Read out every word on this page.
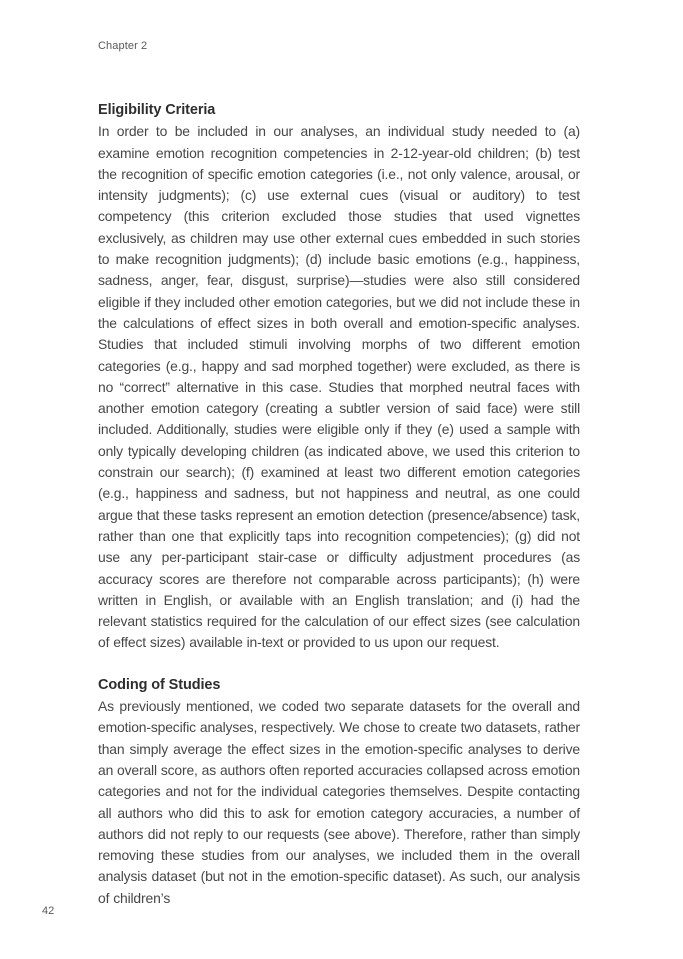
Chapter 2
Eligibility Criteria

In order to be included in our analyses, an individual study needed to (a) examine emotion recognition competencies in 2-12-year-old children; (b) test the recognition of specific emotion categories (i.e., not only valence, arousal, or intensity judgments); (c) use external cues (visual or auditory) to test competency (this criterion excluded those studies that used vignettes exclusively, as children may use other external cues embedded in such stories to make recognition judgments); (d) include basic emotions (e.g., happiness, sadness, anger, fear, disgust, surprise)—studies were also still considered eligible if they included other emotion categories, but we did not include these in the calculations of effect sizes in both overall and emotion-specific analyses. Studies that included stimuli involving morphs of two different emotion categories (e.g., happy and sad morphed together) were excluded, as there is no “correct” alternative in this case. Studies that morphed neutral faces with another emotion category (creating a subtler version of said face) were still included. Additionally, studies were eligible only if they (e) used a sample with only typically developing children (as indicated above, we used this criterion to constrain our search); (f) examined at least two different emotion categories (e.g., happiness and sadness, but not happiness and neutral, as one could argue that these tasks represent an emotion detection (presence/absence) task, rather than one that explicitly taps into recognition competencies); (g) did not use any per-participant stair-case or difficulty adjustment procedures (as accuracy scores are therefore not comparable across participants); (h) were written in English, or available with an English translation; and (i) had the relevant statistics required for the calculation of our effect sizes (see calculation of effect sizes) available in-text or provided to us upon our request.

Coding of Studies

As previously mentioned, we coded two separate datasets for the overall and emotion-specific analyses, respectively. We chose to create two datasets, rather than simply average the effect sizes in the emotion-specific analyses to derive an overall score, as authors often reported accuracies collapsed across emotion categories and not for the individual categories themselves. Despite contacting all authors who did this to ask for emotion category accuracies, a number of authors did not reply to our requests (see above). Therefore, rather than simply removing these studies from our analyses, we included them in the overall analysis dataset (but not in the emotion-specific dataset). As such, our analysis of children’s

42
